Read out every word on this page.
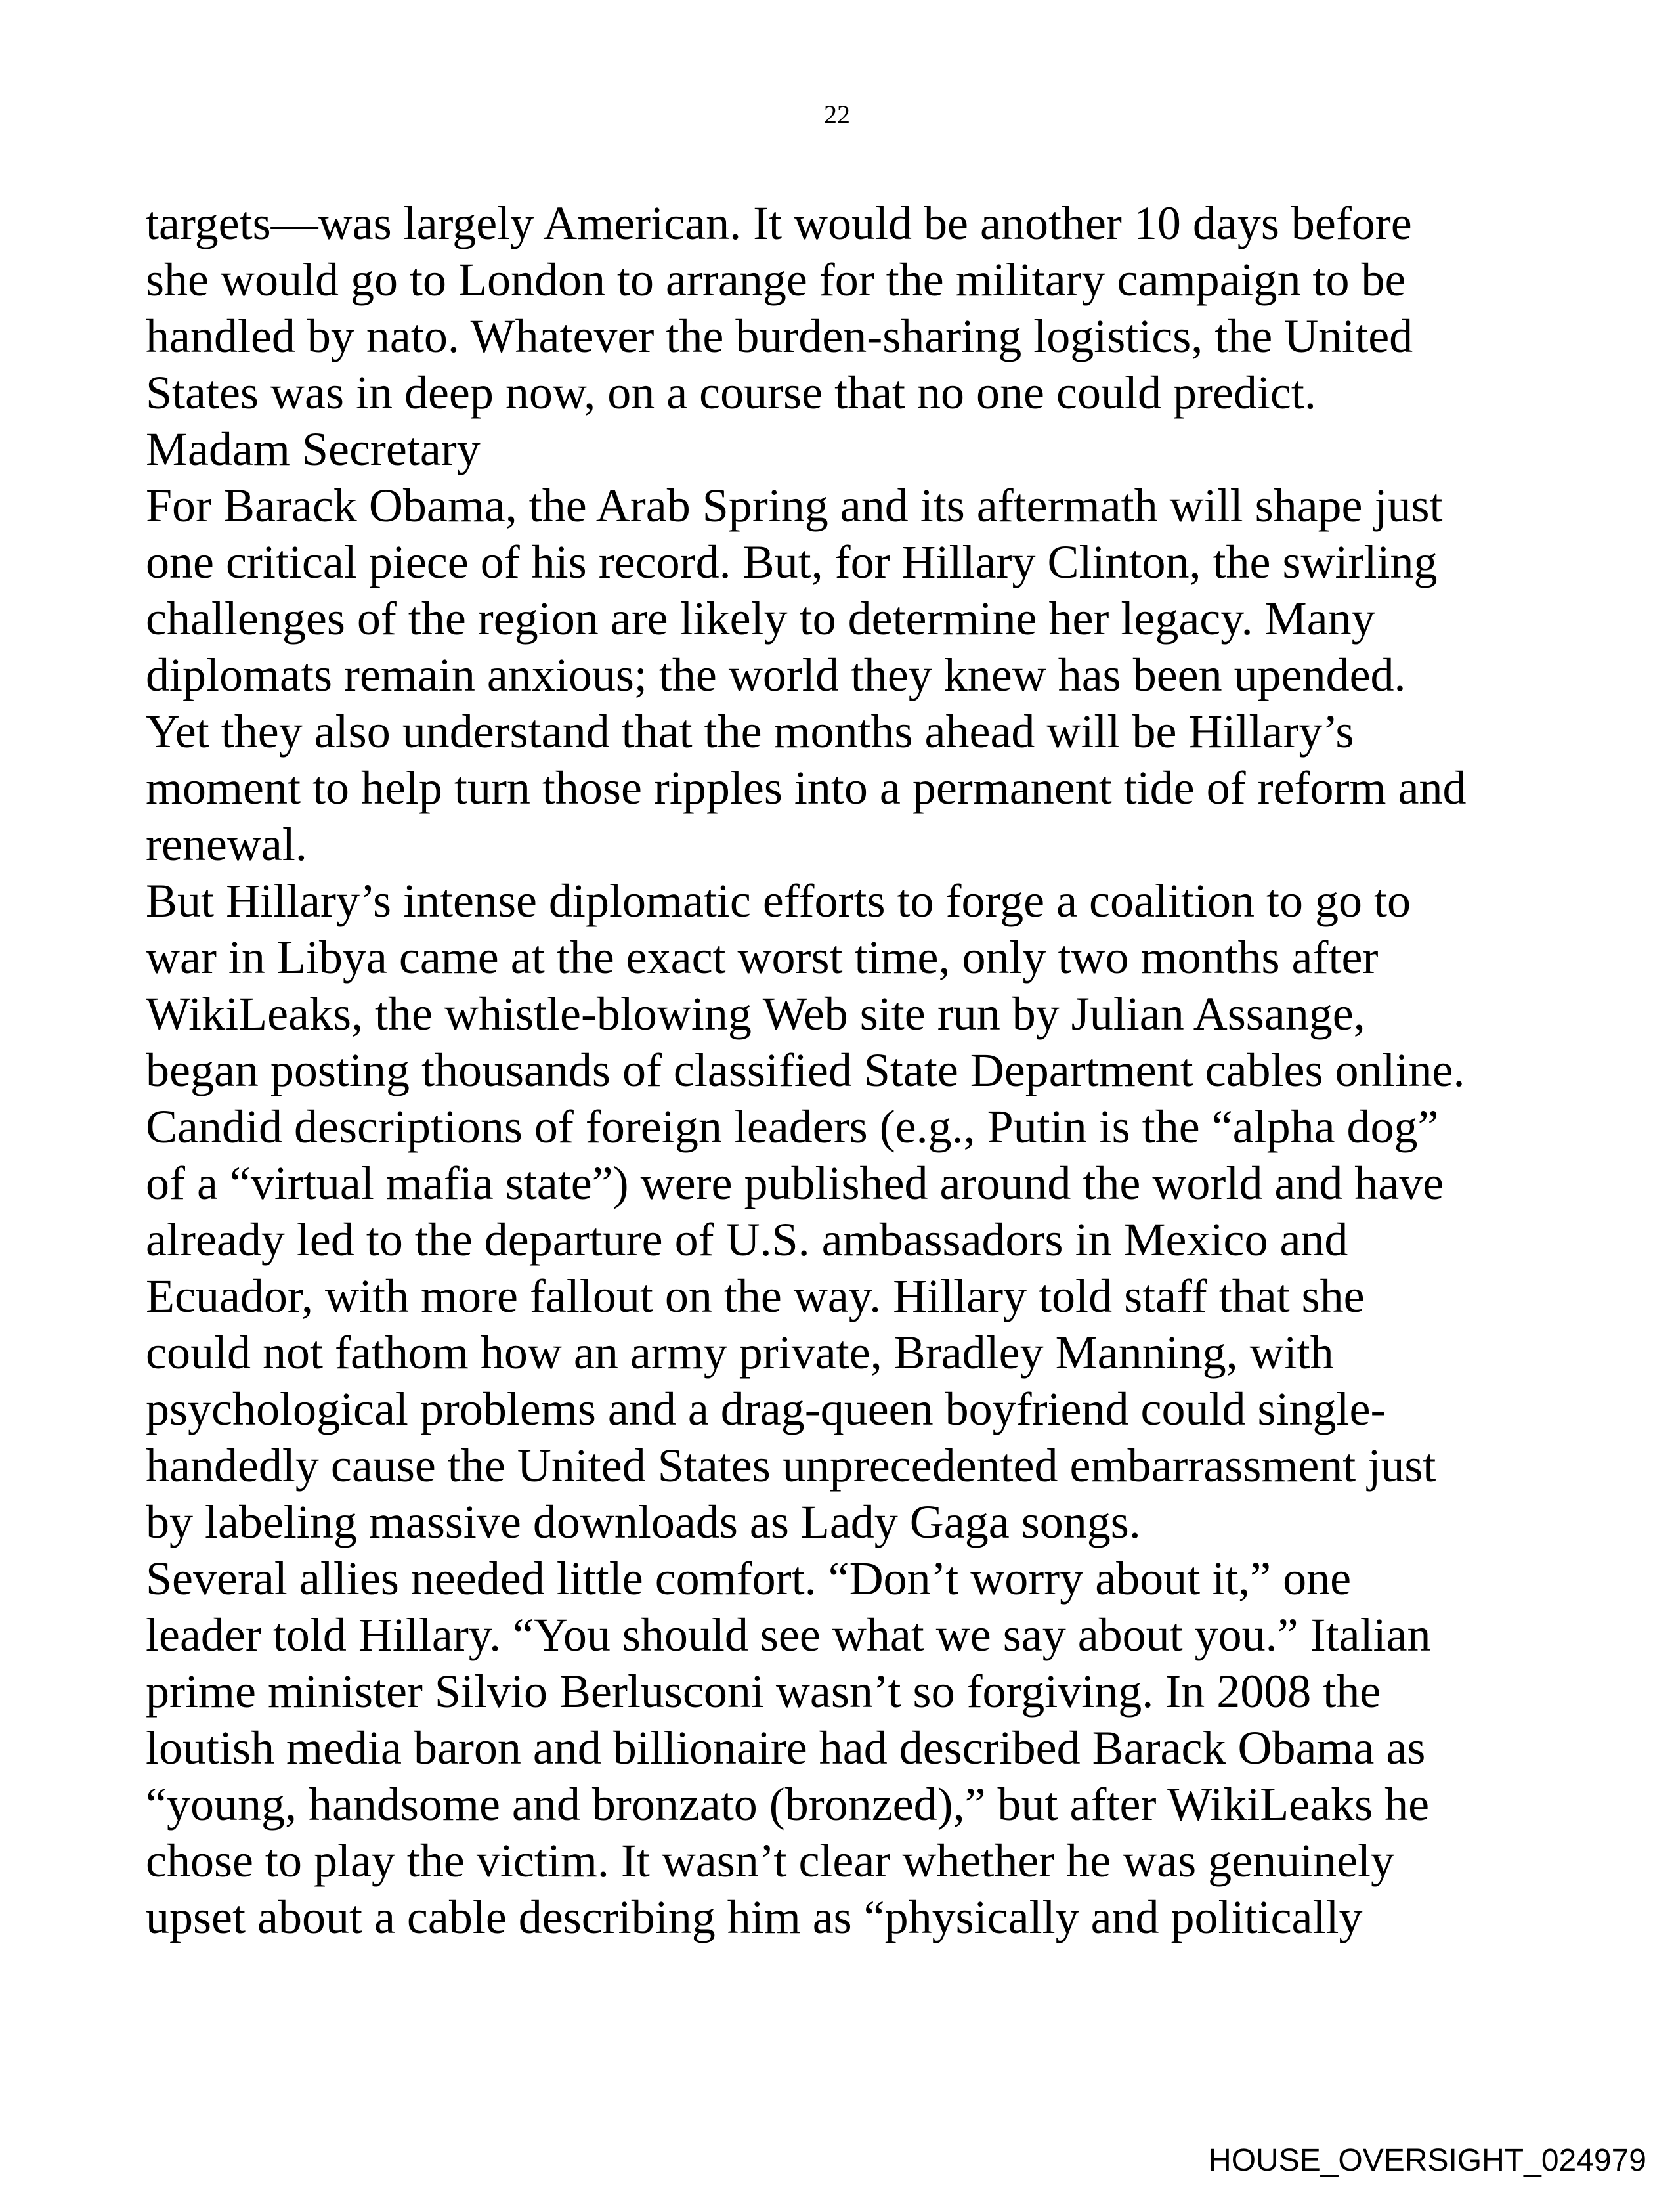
22
targets—was largely American. It would be another 10 days before
she would go to London to arrange for the military campaign to be
handled by nato. Whatever the burden-sharing logistics, the United
States was in deep now, on a course that no one could predict.
Madam Secretary
For Barack Obama, the Arab Spring and its aftermath will shape just
one critical piece of his record. But, for Hillary Clinton, the swirling
challenges of the region are likely to determine her legacy. Many
diplomats remain anxious; the world they knew has been upended.
Yet they also understand that the months ahead will be Hillary’s
moment to help turn those ripples into a permanent tide of reform and
renewal.
But Hillary’s intense diplomatic efforts to forge a coalition to go to
war in Libya came at the exact worst time, only two months after
WikiLeaks, the whistle-blowing Web site run by Julian Assange,
began posting thousands of classified State Department cables online.
Candid descriptions of foreign leaders (e.g., Putin is the “alpha dog”
of a “virtual mafia state”) were published around the world and have
already led to the departure of U.S. ambassadors in Mexico and
Ecuador, with more fallout on the way. Hillary told staff that she
could not fathom how an army private, Bradley Manning, with
psychological problems and a drag-queen boyfriend could single-
handedly cause the United States unprecedented embarrassment just
by labeling massive downloads as Lady Gaga songs.
Several allies needed little comfort. “Don’t worry about it,” one
leader told Hillary. “You should see what we say about you.” Italian
prime minister Silvio Berlusconi wasn’t so forgiving. In 2008 the
loutish media baron and billionaire had described Barack Obama as
“young, handsome and bronzato (bronzed),” but after WikiLeaks he
chose to play the victim. It wasn’t clear whether he was genuinely
upset about a cable describing him as “physically and politically
HOUSE_OVERSIGHT_024979
